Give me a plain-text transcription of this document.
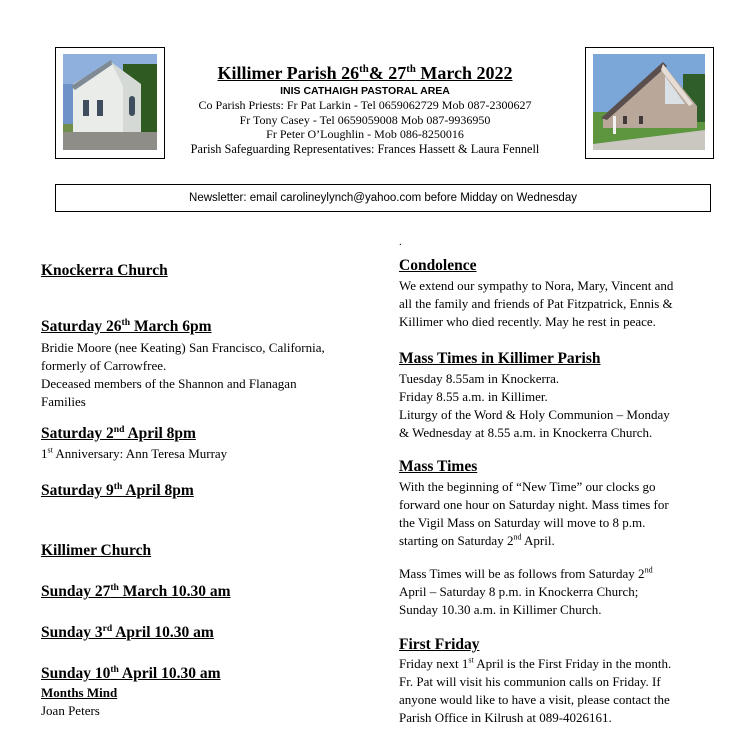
Killimer Parish 26th& 27th March 2022
INIS CATHAIGH PASTORAL AREA
Co Parish Priests: Fr Pat Larkin - Tel 0659062729 Mob 087-2300627
Fr Tony Casey - Tel 0659059008 Mob 087-9936950
Fr Peter O’Loughlin - Mob 086-8250016
Parish Safeguarding Representatives: Frances Hassett & Laura Fennell
Newsletter: email carolineylynch@yahoo.com before Midday on Wednesday
Knockerra Church
Saturday 26th March 6pm
Bridie Moore (nee Keating) San Francisco, California,
formerly of Carrowfree.
Deceased members of the Shannon and Flanagan
Families
Saturday 2nd April 8pm
1st Anniversary: Ann Teresa Murray
Saturday 9th April 8pm
Killimer Church
Sunday 27th March 10.30 am
Sunday 3rd April 10.30 am
Sunday 10th April 10.30 am
Months Mind
Joan Peters
.
Condolence
We extend our sympathy to Nora, Mary, Vincent and
all the family and friends of Pat Fitzpatrick, Ennis &
Killimer who died recently. May he rest in peace.
Mass Times in Killimer Parish
Tuesday 8.55am in Knockerra.
Friday 8.55 a.m. in Killimer.
Liturgy of the Word & Holy Communion – Monday
& Wednesday at 8.55 a.m. in Knockerra Church.
Mass Times
With the beginning of “New Time” our clocks go
forward one hour on Saturday night. Mass times for
the Vigil Mass on Saturday will move to 8 p.m.
starting on Saturday 2nd April.
Mass Times will be as follows from Saturday 2nd
April – Saturday 8 p.m. in Knockerra Church;
Sunday 10.30 a.m. in Killimer Church.
First Friday
Friday next 1st April is the First Friday in the month.
Fr. Pat will visit his communion calls on Friday. If
anyone would like to have a visit, please contact the
Parish Office in Kilrush at 089-4026161.
